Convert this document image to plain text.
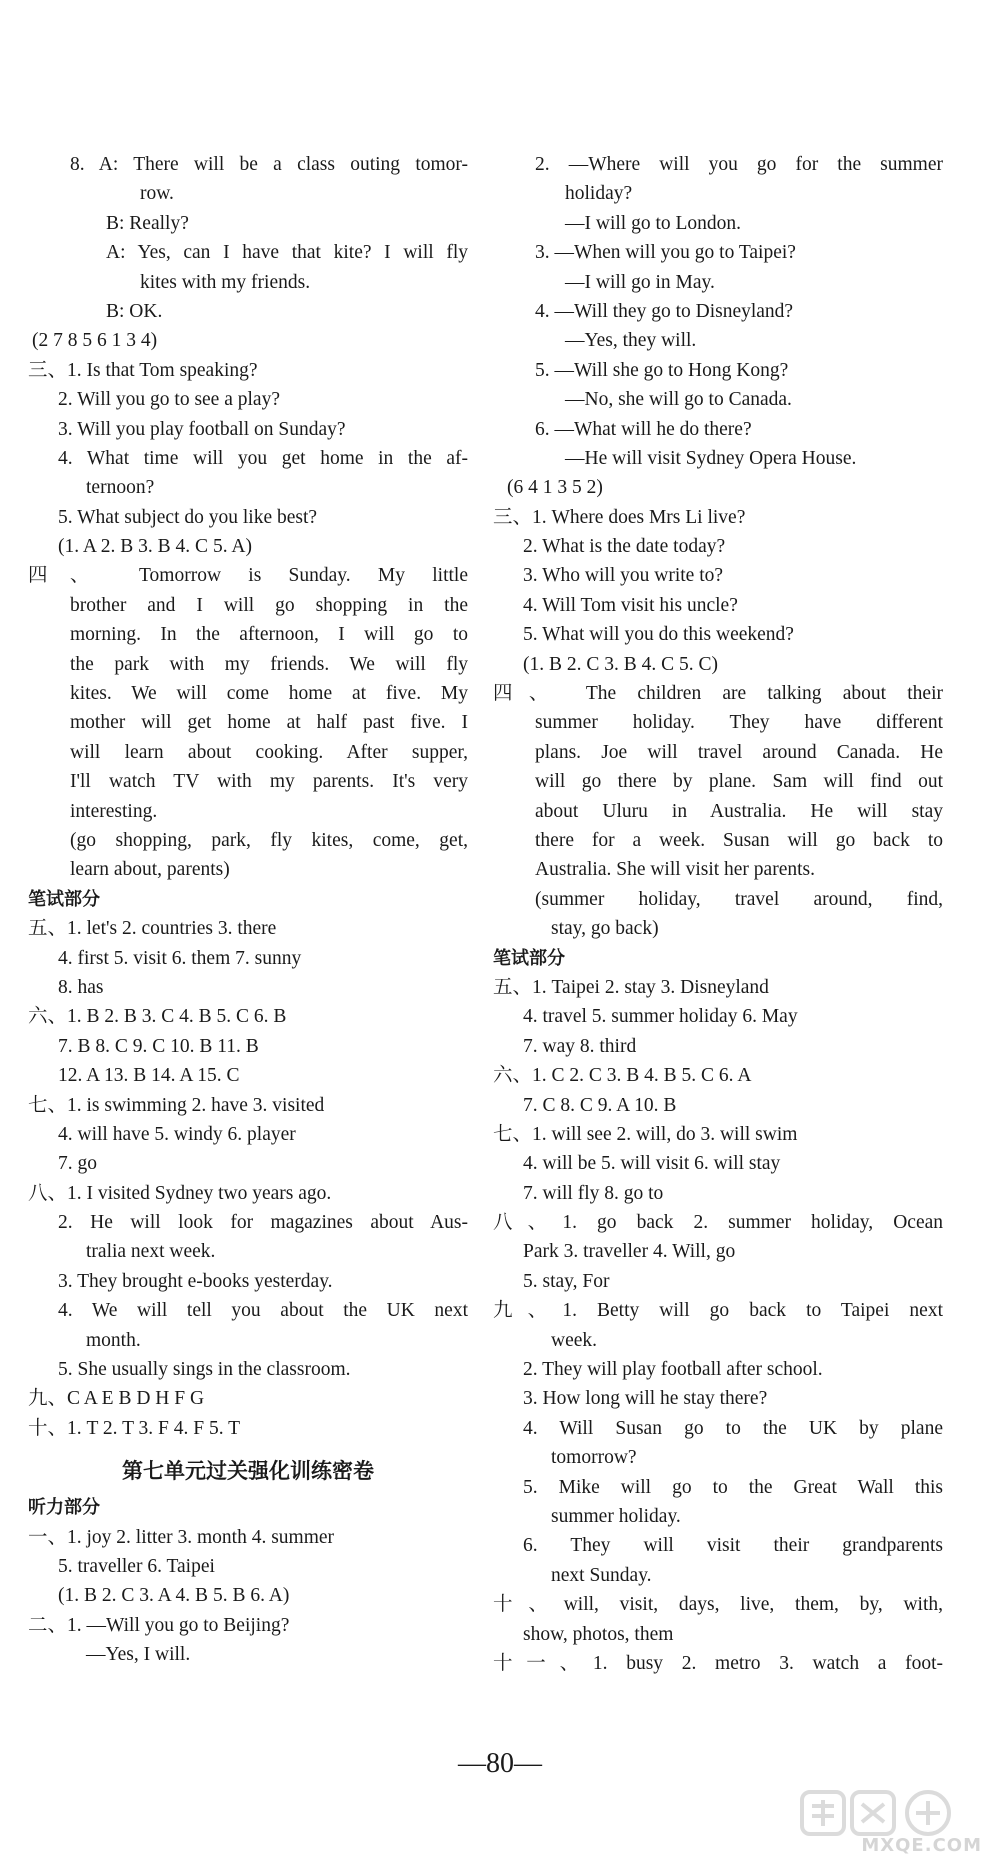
8. A: There will be a class outing tomor-
row.
B: Really?
A: Yes, can I have that kite? I will fly
kites with my friends.
B: OK.
(2 7 8 5 6 1 3 4)
三、1. Is that Tom speaking?
2. Will you go to see a play?
3. Will you play football on Sunday?
4. What time will you get home in the af-
ternoon?
5. What subject do you like best?
(1. A 2. B 3. B 4. C 5. A)
四、 Tomorrow is Sunday. My little
brother and I will go shopping in the
morning. In the afternoon, I will go to
the park with my friends. We will fly
kites. We will come home at five. My
mother will get home at half past five. I
will learn about cooking. After supper,
I'll watch TV with my parents. It's very
interesting.
(go shopping, park, fly kites, come, get,
learn about, parents)
笔试部分
五、1. let's 2. countries 3. there
4. first 5. visit 6. them 7. sunny
8. has
六、1. B 2. B 3. C 4. B 5. C 6. B
7. B 8. C 9. C 10. B 11. B
12. A 13. B 14. A 15. C
七、1. is swimming 2. have 3. visited
4. will have 5. windy 6. player
7. go
八、1. I visited Sydney two years ago.
2. He will look for magazines about Aus-
tralia next week.
3. They brought e-books yesterday.
4. We will tell you about the UK next
month.
5. She usually sings in the classroom.
九、C A E B D H F G
十、1. T 2. T 3. F 4. F 5. T
第七单元过关强化训练密卷
听力部分
一、1. joy 2. litter 3. month 4. summer
5. traveller 6. Taipei
(1. B 2. C 3. A 4. B 5. B 6. A)
二、1. —Will you go to Beijing?
—Yes, I will.
2. —Where will you go for the summer
holiday?
—I will go to London.
3. —When will you go to Taipei?
—I will go in May.
4. —Will they go to Disneyland?
—Yes, they will.
5. —Will she go to Hong Kong?
—No, she will go to Canada.
6. —What will he do there?
—He will visit Sydney Opera House.
(6 4 1 3 5 2)
三、1. Where does Mrs Li live?
2. What is the date today?
3. Who will you write to?
4. Will Tom visit his uncle?
5. What will you do this weekend?
(1. B 2. C 3. B 4. C 5. C)
四、 The children are talking about their
summer holiday. They have different
plans. Joe will travel around Canada. He
will go there by plane. Sam will find out
about Uluru in Australia. He will stay
there for a week. Susan will go back to
Australia. She will visit her parents.
(summer holiday, travel around, find,
stay, go back)
笔试部分
五、1. Taipei 2. stay 3. Disneyland
4. travel 5. summer holiday 6. May
7. way 8. third
六、1. C 2. C 3. B 4. B 5. C 6. A
7. C 8. C 9. A 10. B
七、1. will see 2. will, do 3. will swim
4. will be 5. will visit 6. will stay
7. will fly 8. go to
八、1. go back 2. summer holiday, Ocean
Park 3. traveller 4. Will, go
5. stay, For
九、1. Betty will go back to Taipei next
week.
2. They will play football after school.
3. How long will he stay there?
4. Will Susan go to the UK by plane
tomorrow?
5. Mike will go to the Great Wall this
summer holiday.
6. They will visit their grandparents
next Sunday.
十、will, visit, days, live, them, by, with,
show, photos, them
十一、1. busy 2. metro 3. watch a foot-
—80—
MXQE.COM
